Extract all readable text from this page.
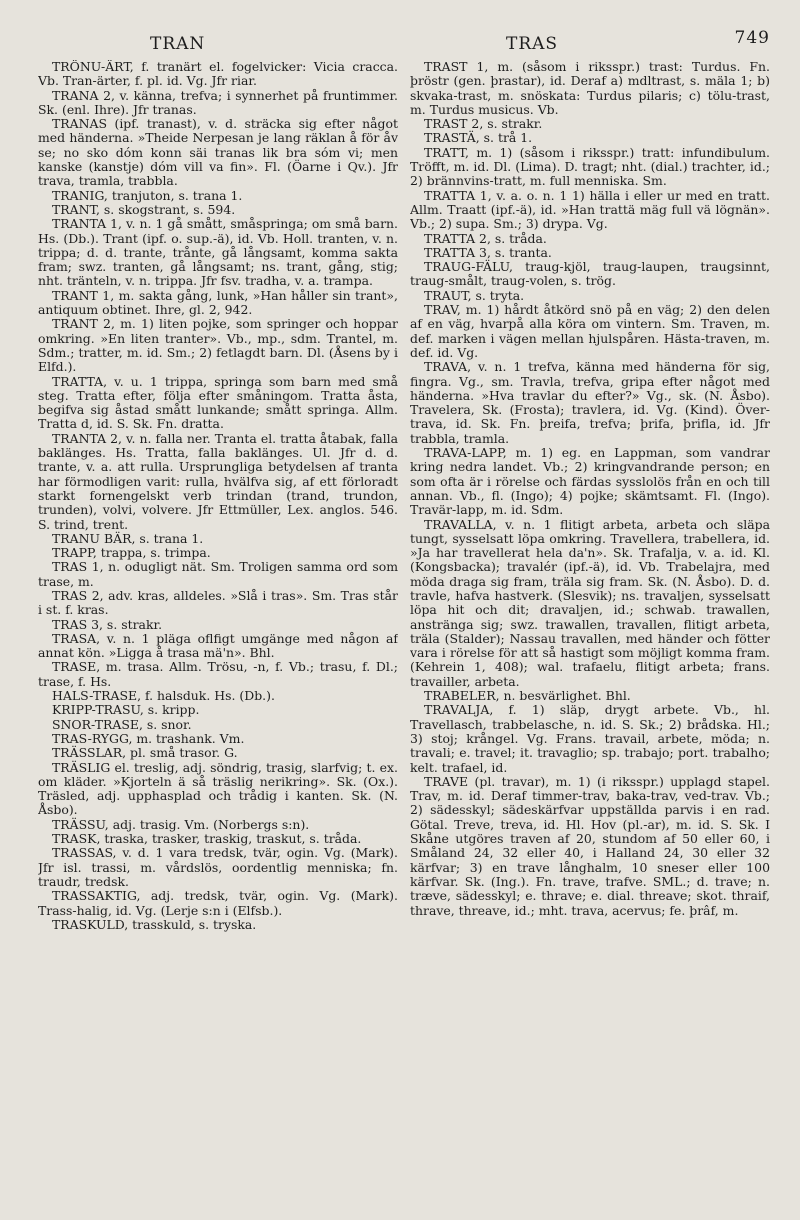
TRAN	TRAS	749

TRÖNU-ÄRT, f. tranärt el. fogelvicker: Vicia cracca. Vb. Tran-ärter, f. pl. id. Vg. Jfr riar.

TRANA 2, v. känna, trefva; i synnerhet på fruntimmer. Sk. (enl. Ihre). Jfr tranas.

TRANAS (ipf. tranast), v. d. sträcka sig efter något med händerna. »Theide Nerpesan je lang räklan å för åv se; no sko dóm konn säi tranas lik bra sóm vi; men kanske (kanstje) dóm vill va fin». Fl. (Öarne i Qv.). Jfr trava, tramla, trabbla.

TRANIG, tranjuton, s. trana 1.

TRANT, s. skogstrant, s. 594.

TRANTA 1, v. n. 1 gå smått, småspringa; om små barn. Hs. (Db.). Trant (ipf. o. sup.-ä), id. Vb. Holl. tranten, v. n. trippa; d. d. trante, trånte, gå långsamt, komma sakta fram; swz. tranten, gå långsamt; ns. trant, gång, stig; nht. tränteln, v. n. trippa. Jfr fsv. tradha, v. a. trampa.

TRANT 1, m. sakta gång, lunk, »Han håller sin trant», antiquum obtinet. Ihre, gl. 2, 942.

TRANT 2, m. 1) liten pojke, som springer och hoppar omkring. »En liten tranter». Vb., mp., sdm. Trantel, m. Sdm.; tratter, m. id. Sm.; 2) fetlagdt barn. Dl. (Åsens by i Elfd.).

TRATTA, v. u. 1 trippa, springa som barn med små steg. Tratta efter, följa efter småningom. Tratta åsta, begifva sig åstad smått lunkande; smått springa. Allm. Tratta d, id. S. Sk. Fn. dratta.

TRANTA 2, v. n. falla ner. Tranta el. tratta åtabak, falla baklänges. Hs. Tratta, falla baklänges. Ul. Jfr d. d. trante, v. a. att rulla. Ursprungliga betydelsen af tranta har förmodligen varit: rulla, hvälfva sig, af ett förloradt starkt fornengelskt verb trindan (trand, trundon, trunden), volvi, volvere. Jfr Ettmüller, Lex. anglos. 546. S. trind, trent.

TRANU BÄR, s. trana 1.

TRAPP, trappa, s. trimpa.

TRAS 1, n. odugligt nät. Sm. Troligen samma ord som trase, m.

TRAS 2, adv. kras, alldeles. »Slå i tras». Sm. Tras står i st. f. kras.

TRAS 3, s. strakr.

TRASA, v. n. 1 pläga oflfigt umgänge med någon af annat kön. »Ligga å trasa mä'n». Bhl.

TRASE, m. trasa. Allm. Trösu, -n, f. Vb.; trasu, f. Dl.; trase, f. Hs.

HALS-TRASE, f. halsduk. Hs. (Db.).

KRIPP-TRASU, s. kripp.

SNOR-TRASE, s. snor.

TRAS-RYGG, m. trashank. Vm.

TRÄSSLAR, pl. små trasor. G.

TRÄSLIG el. treslig, adj. söndrig, trasig, slarfvig; t. ex. om kläder. »Kjorteln ä så träslig nerikring». Sk. (Ox.). Träsled, adj. upphasplad och trådig i kanten. Sk. (N. Åsbo).

TRÄSSU, adj. trasig. Vm. (Norbergs s:n).

TRASK, traska, trasker, traskig, traskut, s. tråda.

TRASSAS, v. d. 1 vara tredsk, tvär, ogin. Vg. (Mark). Jfr isl. trassi, m. vårdslös, oordentlig menniska; fn. traudr, tredsk.

TRASSAKTIG, adj. tredsk, tvär, ogin. Vg. (Mark). Trass-halig, id. Vg. (Lerje s:n i (Elfsb.).

TRASKULD, trasskuld, s. tryska.

TRAST 1, m. (såsom i riksspr.) trast: Turdus. Fn. þröstr (gen. þrastar), id. Deraf a) mdltrast, s. mäla 1; b) skvaka-trast, m. snöskata: Turdus pilaris; c) tölu-trast, m. Turdus musicus. Vb.

TRAST 2, s. strakr.

TRASTÄ, s. trå 1.

TRATT, m. 1) (såsom i riksspr.) tratt: infundibulum. Tröfft, m. id. Dl. (Lima). D. tragt; nht. (dial.) trachter, id.; 2) brännvins-tratt, m. full menniska. Sm.

TRATTA 1, v. a. o. n. 1 1) hälla i eller ur med en tratt. Allm. Traatt (ipf.-ä), id. »Han trattä mäg full vä lögnän». Vb.; 2) supa. Sm.; 3) drypa. Vg.

TRATTA 2, s. tråda.

TRATTA 3, s. tranta.

TRAUG-FÄLU, traug-kjöl, traug-laupen, traugsinnt, traug-smålt, traug-volen, s. trög.

TRAUT, s. tryta.

TRAV, m. 1) hårdt åtkörd snö på en väg; 2) den delen af en väg, hvarpå alla köra om vintern. Sm. Traven, m. def. marken i vägen mellan hjulspåren. Hästa-traven, m. def. id. Vg.

TRAVA, v. n. 1 trefva, känna med händerna för sig, fingra. Vg., sm. Travla, trefva, gripa efter något med händerna. »Hva travlar du efter?» Vg., sk. (N. Åsbo). Travelera, Sk. (Frosta); travlera, id. Vg. (Kind). Över-trava, id. Sk. Fn. þreifa, trefva; þrifa, þrifla, id. Jfr trabbla, tramla.

TRAVA-LAPP, m. 1) eg. en Lappman, som vandrar kring nedra landet. Vb.; 2) kringvandrande person; en som ofta är i rörelse och färdas sysslolös från en och till annan. Vb., fl. (Ingo); 4) pojke; skämtsamt. Fl. (Ingo). Travär-lapp, m. id. Sdm.

TRAVALLA, v. n. 1 flitigt arbeta, arbeta och släpa tungt, sysselsatt löpa omkring. Travellera, trabellera, id. »Ja har travellerat hela da'n». Sk. Trafalja, v. a. id. Kl. (Kongsbacka); travalér (ipf.-ä), id. Vb. Trabelajra, med möda draga sig fram, träla sig fram. Sk. (N. Åsbo). D. d. travle, hafva hastverk. (Slesvik); ns. travaljen, sysselsatt löpa hit och dit; dravaljen, id.; schwab. trawallen, anstränga sig; swz. trawallen, travallen, flitigt arbeta, träla (Stalder); Nassau travallen, med händer och fötter vara i rörelse för att så hastigt som möjligt komma fram. (Kehrein 1, 408); wal. trafaelu, flitigt arbeta; frans. travailler, arbeta.

TRABELER, n. besvärlighet. Bhl.

TRAVALJA, f. 1) släp, drygt arbete. Vb., hl. Travellasch, trabbelasche, n. id. S. Sk.; 2) brådska. Hl.; 3) stoj; krångel. Vg. Frans. travail, arbete, möda; n. travali; e. travel; it. travaglio; sp. trabajo; port. trabalho; kelt. trafael, id.

TRAVE (pl. travar), m. 1) (i riksspr.) upplagd stapel. Trav, m. id. Deraf timmer-trav, baka-trav, ved-trav. Vb.; 2) sädesskyl; sädeskärfvar uppställda parvis i en rad. Götal. Treve, treva, id. Hl. Hov (pl.-ar), m. id. S. Sk. I Skåne utgöres traven af 20, stundom af 50 eller 60, i Småland 24, 32 eller 40, i Halland 24, 30 eller 32 kärfvar; 3) en trave långhalm, 10 sneser eller 100 kärfvar. Sk. (Ing.). Fn. trave, trafve. SML.; d. trave; n. træve, sädesskyl; e. thrave; e. dial. threave; skot. thraif, thrave, threave, id.; mht. trava, acervus; fe. þrâf, m.
